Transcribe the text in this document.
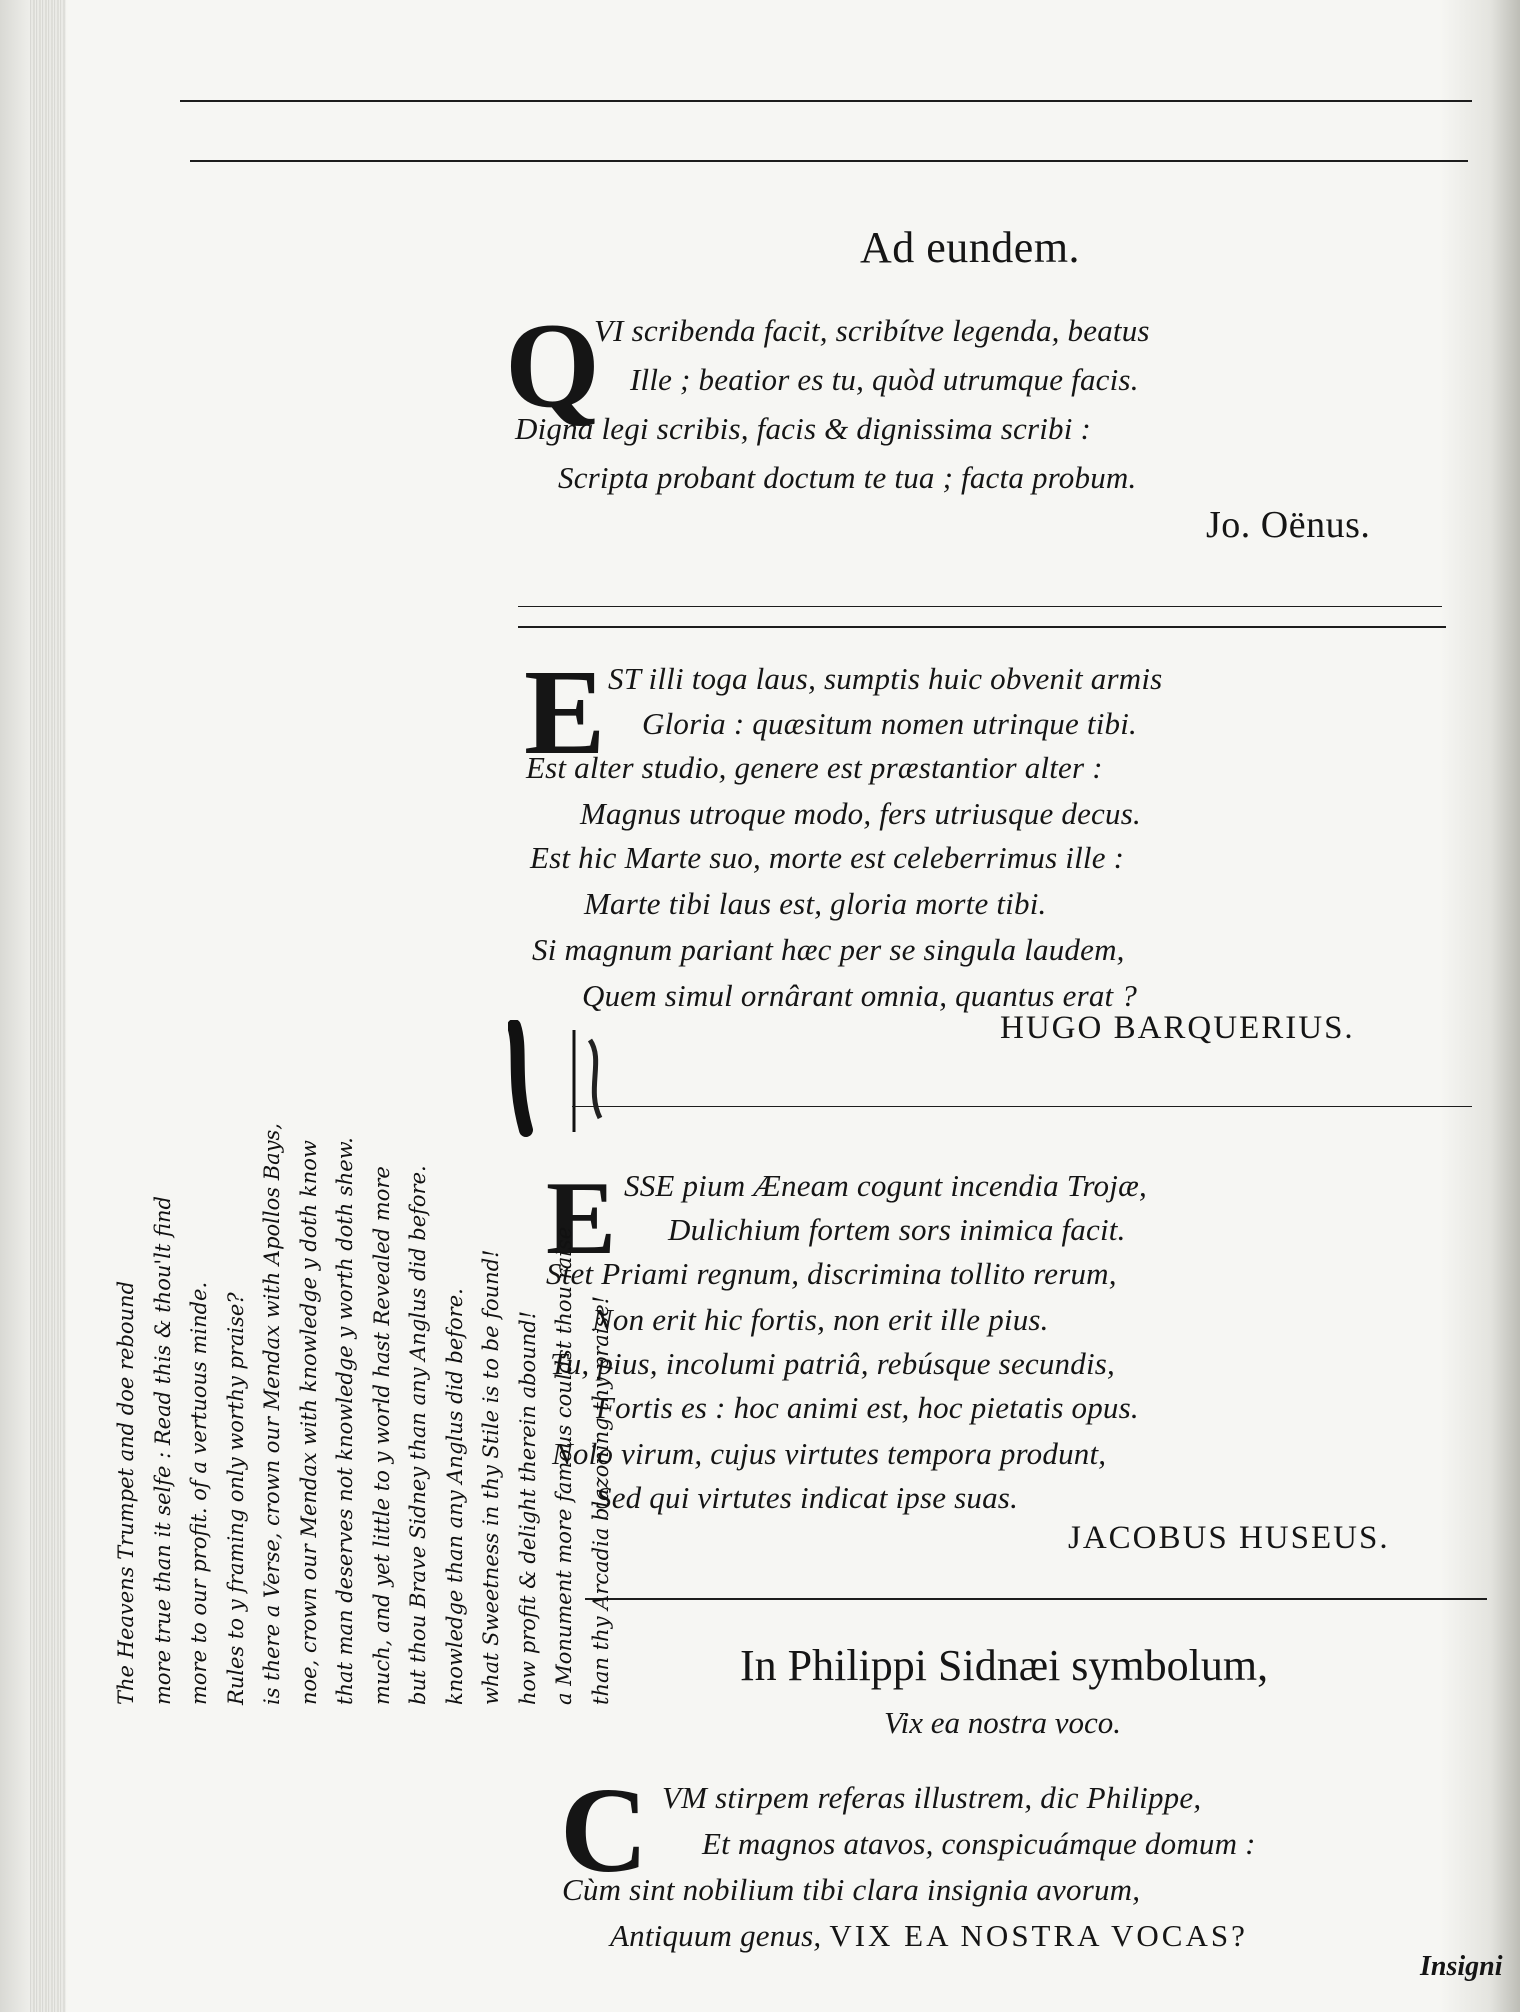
Ad eundem.
Q
VI scribenda facit, scribítve legenda, beatus
Ille ; beatior es tu, quòd utrumque facis.
Digna legi scribis, facis & dignissima scribi :
Scripta probant doctum te tua ; facta probum.
Jo. Oënus.
E ST illi toga laus, sumptis huic obvenit armis
Gloria : quæsitum nomen utrinque tibi.
Est alter studio, genere est præstantior alter :
Magnus utroque modo, fers utriusque decus.
Est hic Marte suo, morte est celeberrimus ille :
Marte tibi laus est, gloria morte tibi.
Si magnum pariant hæc per se singula laudem,
Quem simul ornârant omnia, quantus erat ?
HUGO BARQUERIUS.
E SSE pium Æneam cogunt incendia Trojæ,
Dulichium fortem sors inimica facit.
Stet Priami regnum, discrimina tollito rerum,
Non erit hic fortis, non erit ille pius.
Tu, pius, incolumi patriâ, rebúsque secundis,
Fortis es : hoc animi est, hoc pietatis opus.
Nolo virum, cujus virtutes tempora produnt,
Sed qui virtutes indicat ipse suas.
JACOBUS HUSEUS.
In Philippi Sidnæi symbolum,
Vix ea nostra voco.
C VM stirpem referas illustrem, dic Philippe,
Et magnos atavos, conspicuámque domum :
Cùm sint nobilium tibi clara insignia avorum,
Antiquum genus, VIX EA NOSTRA VOCAS?
Insigni
The Heavens Trumpet and doe rebound more true than it selfe : Read this & thou'lt find more to our profit. of a vertuous minde. Rules to y framing only worthy praise? is there a Verse, crown our Mendax with Apollos Bays, noe, crown our Mendax with knowledge y doth know that man deserves not knowledge y worth doth shew. much, and yet little to y world hast Revealed more but thou Brave Sidney than any Anglus did before. knowledge than any Anglus did before. what Sweetness in thy Stile is to be found! how profit & delight therein abound! a Monument more famous couldst thou raise than thy Arcadia blazoning thy praise!
